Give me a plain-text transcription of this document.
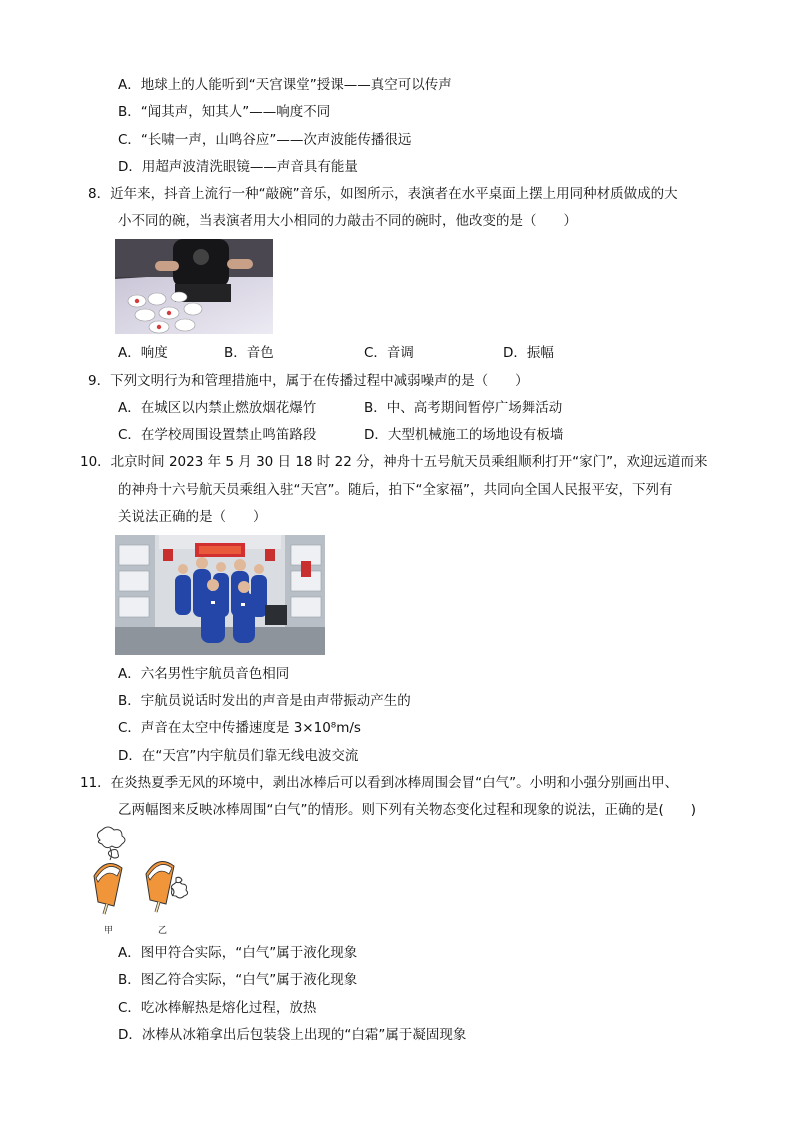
A．地球上的人能听到“天宫课堂”授课——真空可以传声
B．“闻其声，知其人”——响度不同
C．“长啸一声，山鸣谷应”——次声波能传播很远
D．用超声波清洗眼镜——声音具有能量
8．近年来，抖音上流行一种“敲碗”音乐，如图所示，表演者在水平桌面上摆上用同种材质做成的大
小不同的碗，当表演者用大小相同的力敲击不同的碗时，他改变的是（　　）
A．响度	B．音色	C．音调	D．振幅
9．下列文明行为和管理措施中，属于在传播过程中减弱噪声的是（　　）
A．在城区以内禁止燃放烟花爆竹	B．中、高考期间暂停广场舞活动
C．在学校周围设置禁止鸣笛路段	D．大型机械施工的场地设有板墙
10．北京时间 2023 年 5 月 30 日 18 时 22 分，神舟十五号航天员乘组顺利打开“家门”，欢迎远道而来
的神舟十六号航天员乘组入驻“天宫”。随后，拍下“全家福”，共同向全国人民报平安，下列有
关说法正确的是（　　）
A．六名男性宇航员音色相同
B．宇航员说话时发出的声音是由声带振动产生的
C．声音在太空中传播速度是 3×10⁸m/s
D．在“天宫”内宇航员们靠无线电波交流
11．在炎热夏季无风的环境中，剥出冰棒后可以看到冰棒周围会冒“白气”。小明和小强分别画出甲、
乙两幅图来反映冰棒周围“白气”的情形。则下列有关物态变化过程和现象的说法，正确的是(　　)
甲	乙
A．图甲符合实际，“白气”属于液化现象
B．图乙符合实际，“白气”属于液化现象
C．吃冰棒解热是熔化过程，放热
D．冰棒从冰箱拿出后包装袋上出现的“白霜”属于凝固现象
